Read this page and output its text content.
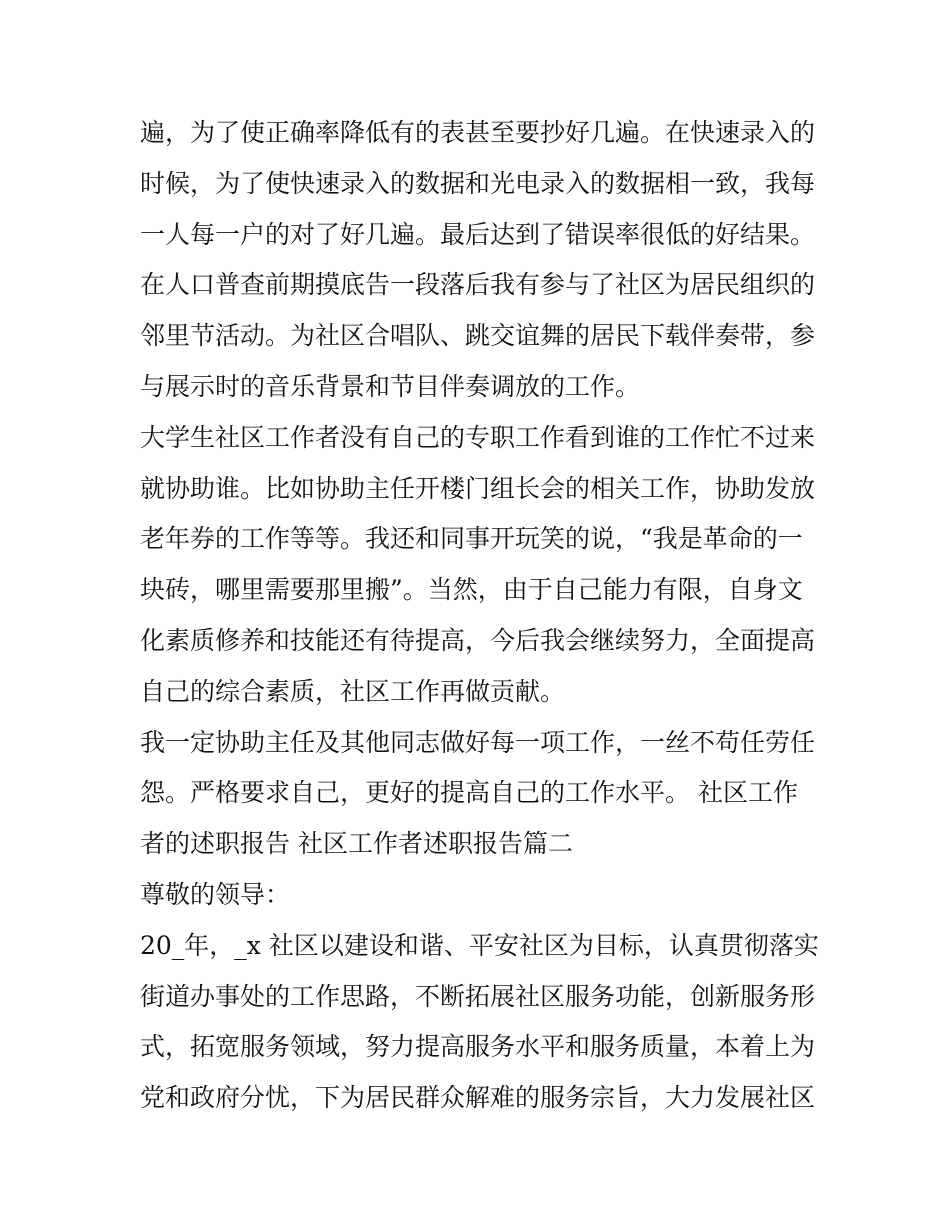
遍，为了使正确率降低有的表甚至要抄好几遍。在快速录入的
时候，为了使快速录入的数据和光电录入的数据相一致，我每
一人每一户的对了好几遍。最后达到了错误率很低的好结果。
在人口普查前期摸底告一段落后我有参与了社区为居民组织的
邻里节活动。为社区合唱队、跳交谊舞的居民下载伴奏带，参
与展示时的音乐背景和节目伴奏调放的工作。
大学生社区工作者没有自己的专职工作看到谁的工作忙不过来
就协助谁。比如协助主任开楼门组长会的相关工作，协助发放
老年券的工作等等。我还和同事开玩笑的说，“我是革命的一
块砖，哪里需要那里搬”。当然，由于自己能力有限，自身文
化素质修养和技能还有待提高，今后我会继续努力，全面提高
自己的综合素质，社区工作再做贡献。
我一定协助主任及其他同志做好每一项工作，一丝不苟任劳任
怨。严格要求自己，更好的提高自己的工作水平。 社区工作
者的述职报告 社区工作者述职报告篇二
尊敬的领导：
20_年，_x 社区以建设和谐、平安社区为目标，认真贯彻落实
街道办事处的工作思路，不断拓展社区服务功能，创新服务形
式，拓宽服务领域，努力提高服务水平和服务质量，本着上为
党和政府分忧，下为居民群众解难的服务宗旨，大力发展社区
